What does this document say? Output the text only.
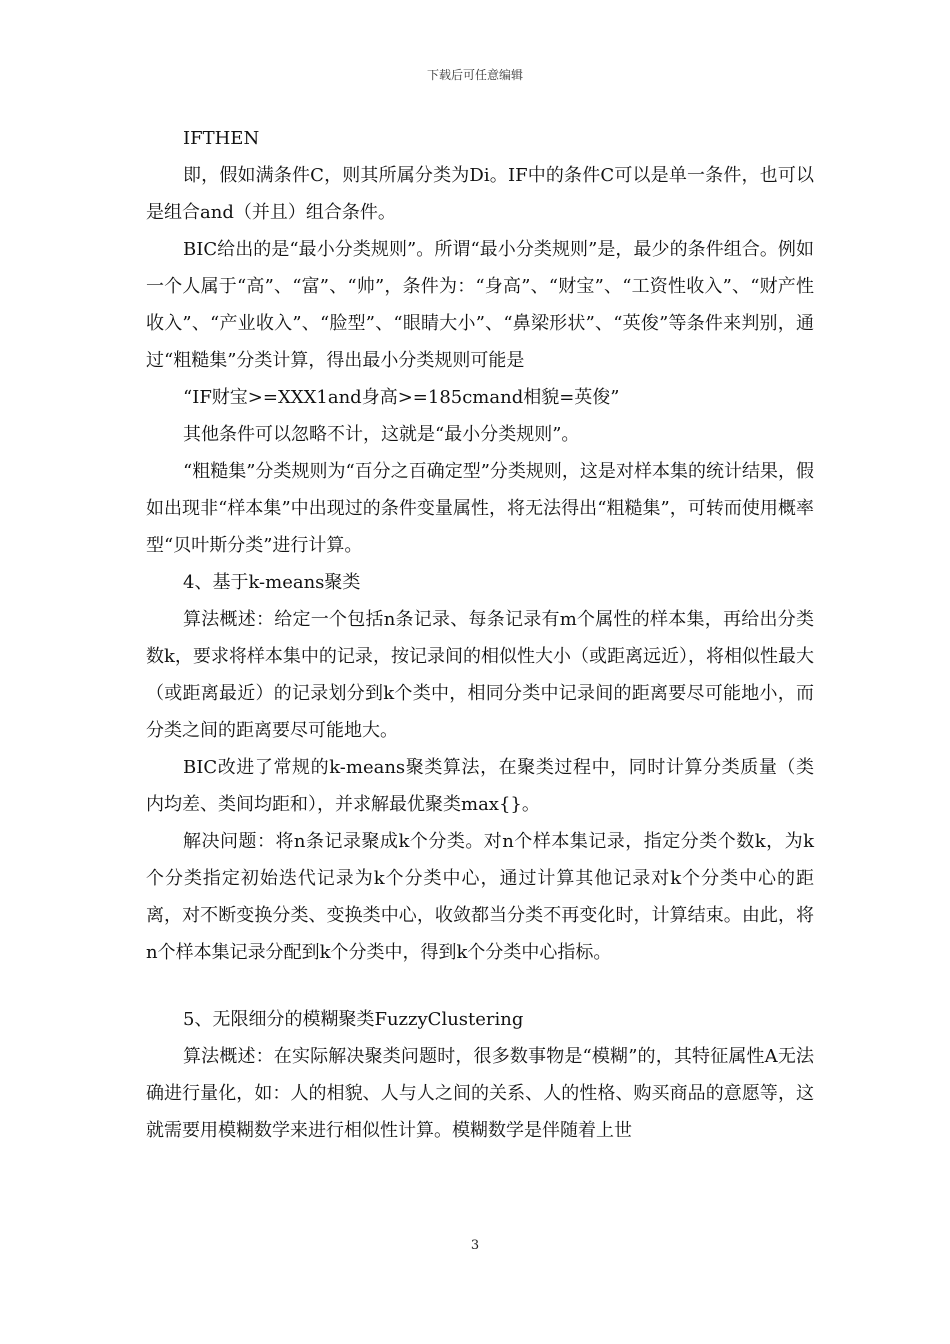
下载后可任意编辑

IFTHEN

即，假如满条件C，则其所属分类为Di。IF中的条件C可以是单一条件，也可以是组合and（并且）组合条件。

BIC给出的是“最小分类规则”。所谓“最小分类规则”是，最少的条件组合。例如一个人属于“高”、“富”、“帅”，条件为：“身高”、“财宝”、“工资性收入”、“财产性收入”、“产业收入”、“脸型”、“眼睛大小”、“鼻梁形状”、“英俊”等条件来判别，通过“粗糙集”分类计算，得出最小分类规则可能是

“IF财宝>=XXX1and身高>=185cmand相貌=英俊”

其他条件可以忽略不计，这就是“最小分类规则”。

“粗糙集”分类规则为“百分之百确定型”分类规则，这是对样本集的统计结果，假如出现非“样本集”中出现过的条件变量属性，将无法得出“粗糙集”，可转而使用概率型“贝叶斯分类”进行计算。

4、基于k-means聚类

算法概述：给定一个包括n条记录、每条记录有m个属性的样本集，再给出分类数k，要求将样本集中的记录，按记录间的相似性大小（或距离远近），将相似性最大（或距离最近）的记录划分到k个类中，相同分类中记录间的距离要尽可能地小，而分类之间的距离要尽可能地大。

BIC改进了常规的k-means聚类算法，在聚类过程中，同时计算分类质量（类内均差、类间均距和），并求解最优聚类max{}。

解决问题：将n条记录聚成k个分类。对n个样本集记录，指定分类个数k，为k个分类指定初始迭代记录为k个分类中心，通过计算其他记录对k个分类中心的距离，对不断变换分类、变换类中心，收敛都当分类不再变化时，计算结束。由此，将n个样本集记录分配到k个分类中，得到k个分类中心指标。

5、无限细分的模糊聚类FuzzyClustering

算法概述：在实际解决聚类问题时，很多数事物是“模糊”的，其特征属性A无法确进行量化，如：人的相貌、人与人之间的关系、人的性格、购买商品的意愿等，这就需要用模糊数学来进行相似性计算。模糊数学是伴随着上世

3
